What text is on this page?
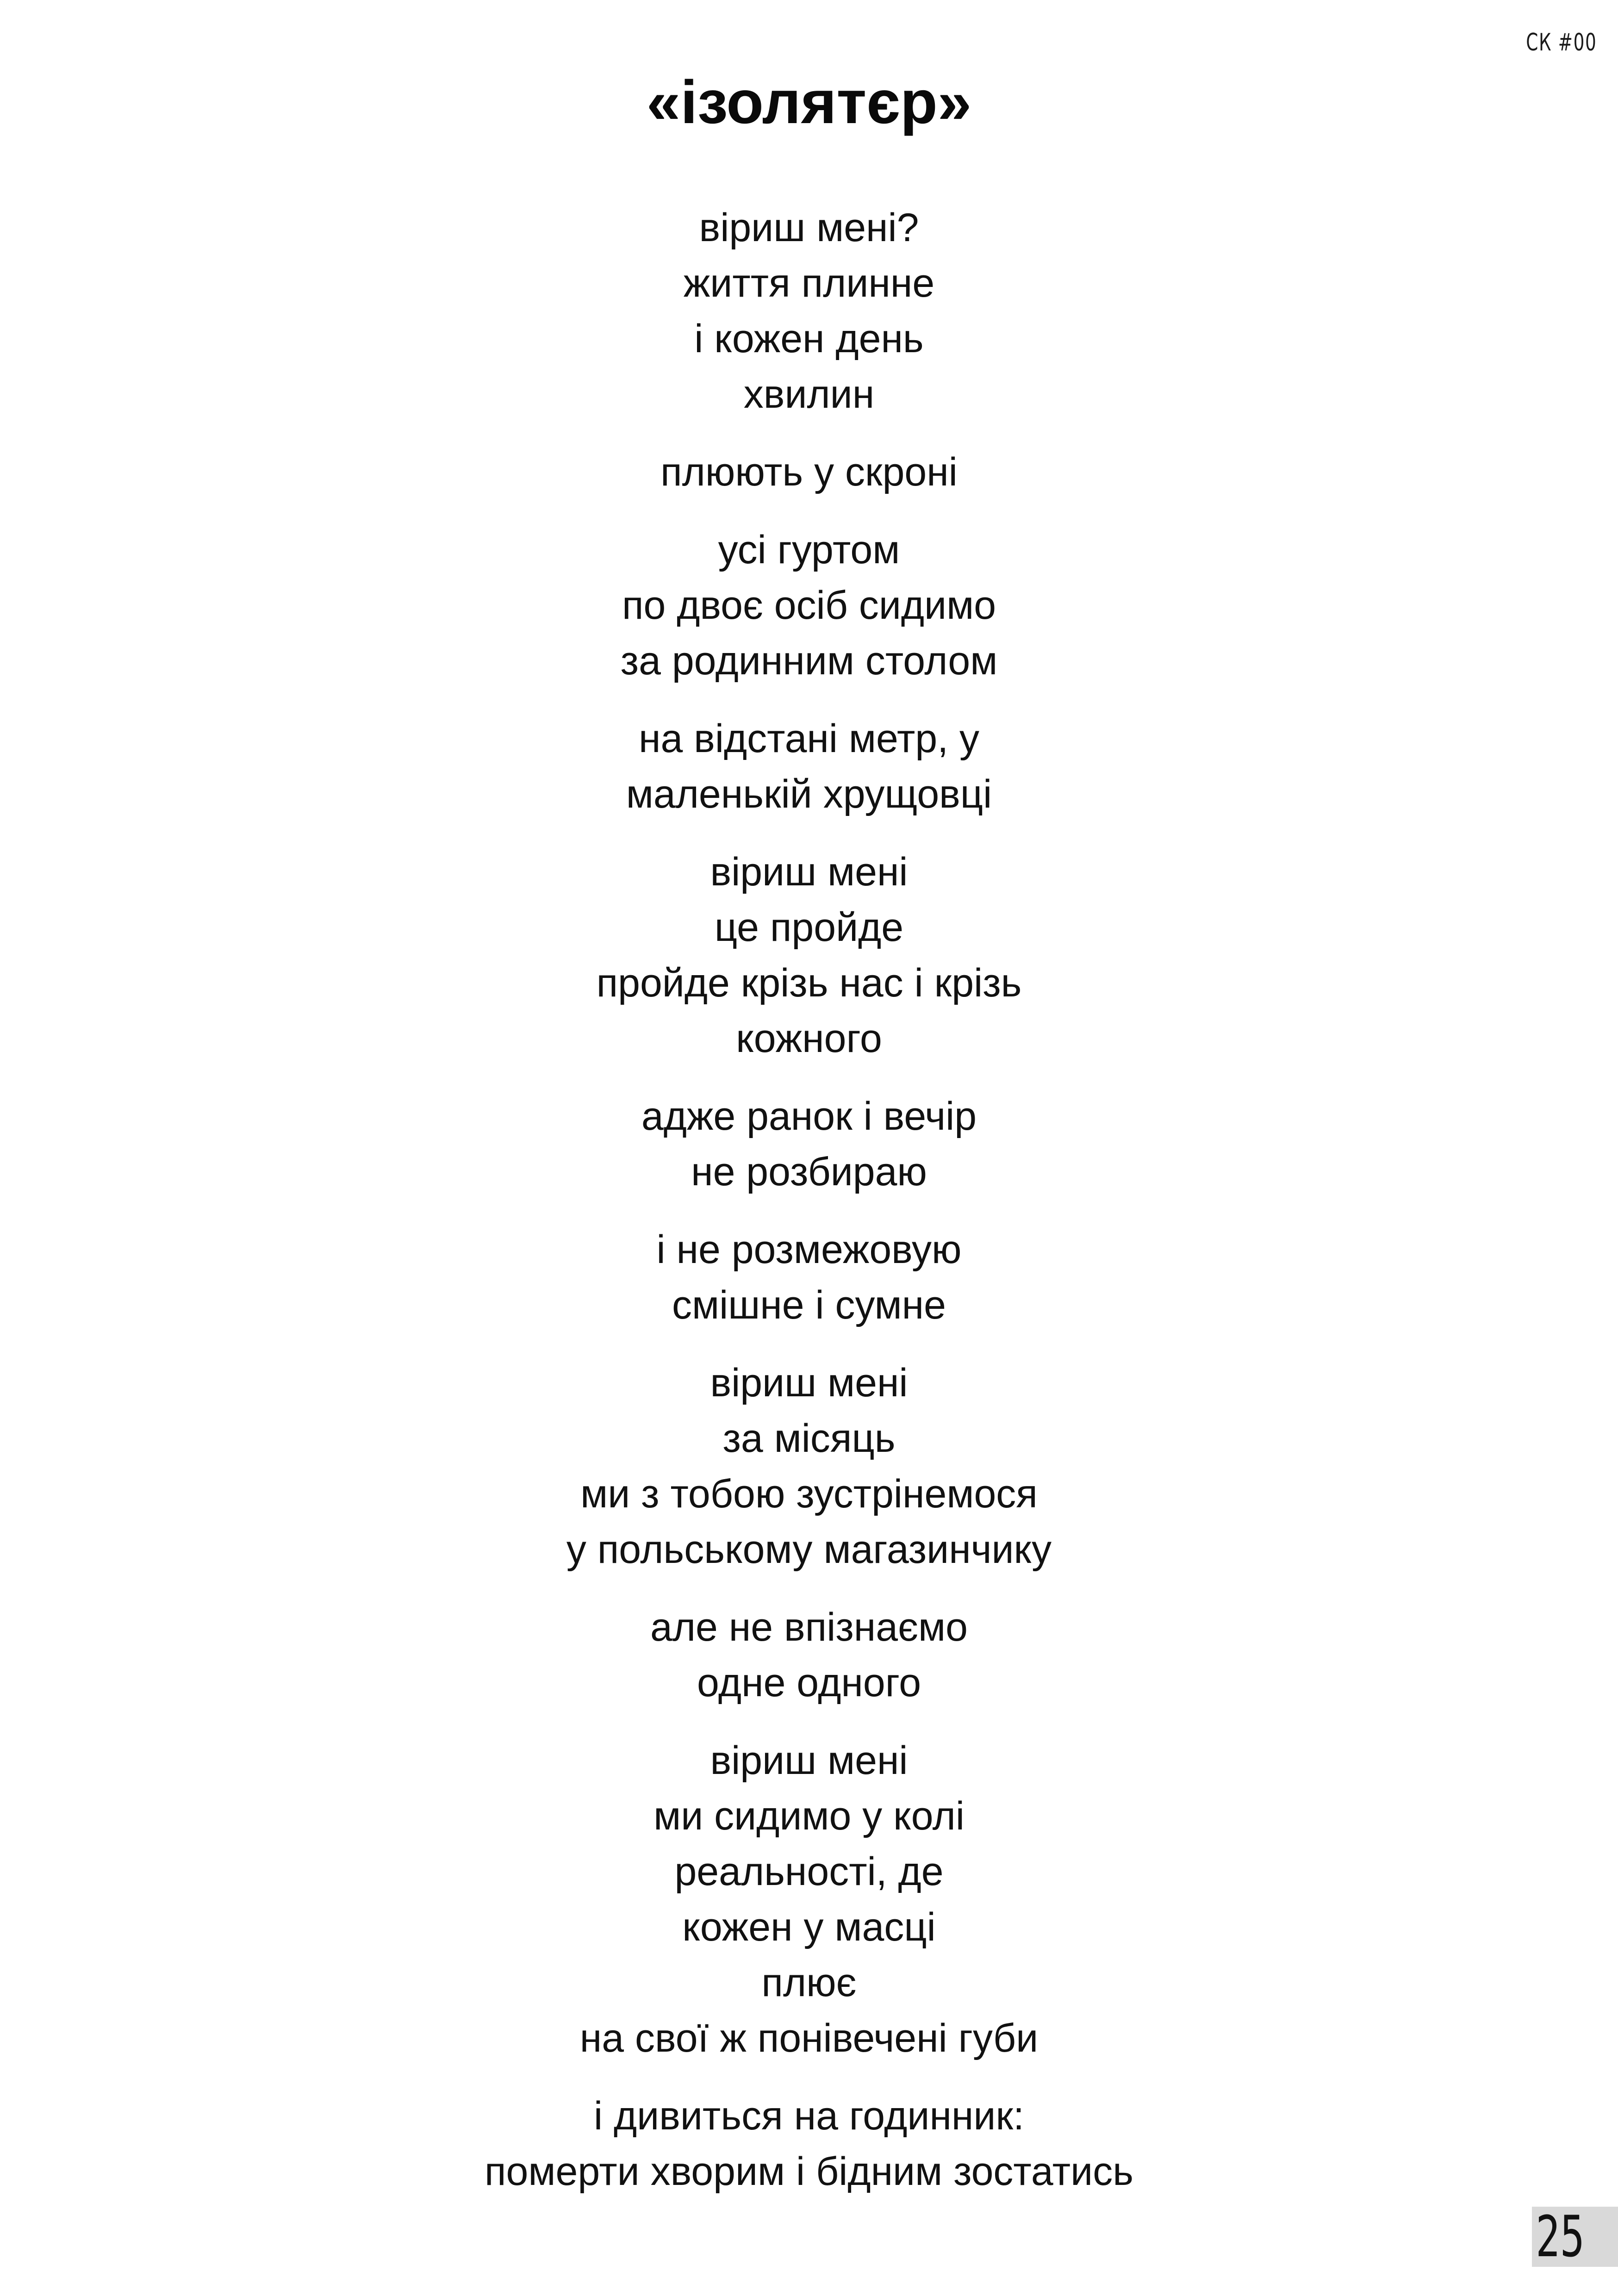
СК #00
«ізолятєр»
віриш мені?
життя плинне
і кожен день
хвилин
плюють у скроні
усі гуртом
по двоє осіб сидимо
за родинним столом
на відстані метр, у
маленькій хрущовці
віриш мені
це пройде
пройде крізь нас і крізь
кожного
адже ранок і вечір
не розбираю
і не розмежовую
смішне і сумне
віриш мені
за місяць
ми з тобою зустрінемося
у польському магазинчику
але не впізнаємо
одне одного
віриш мені
ми сидимо у колі
реальності, де
кожен у масці
плює
на свої ж понівечені губи
і дивиться на годинник:
померти хворим і бідним зостатись
25
